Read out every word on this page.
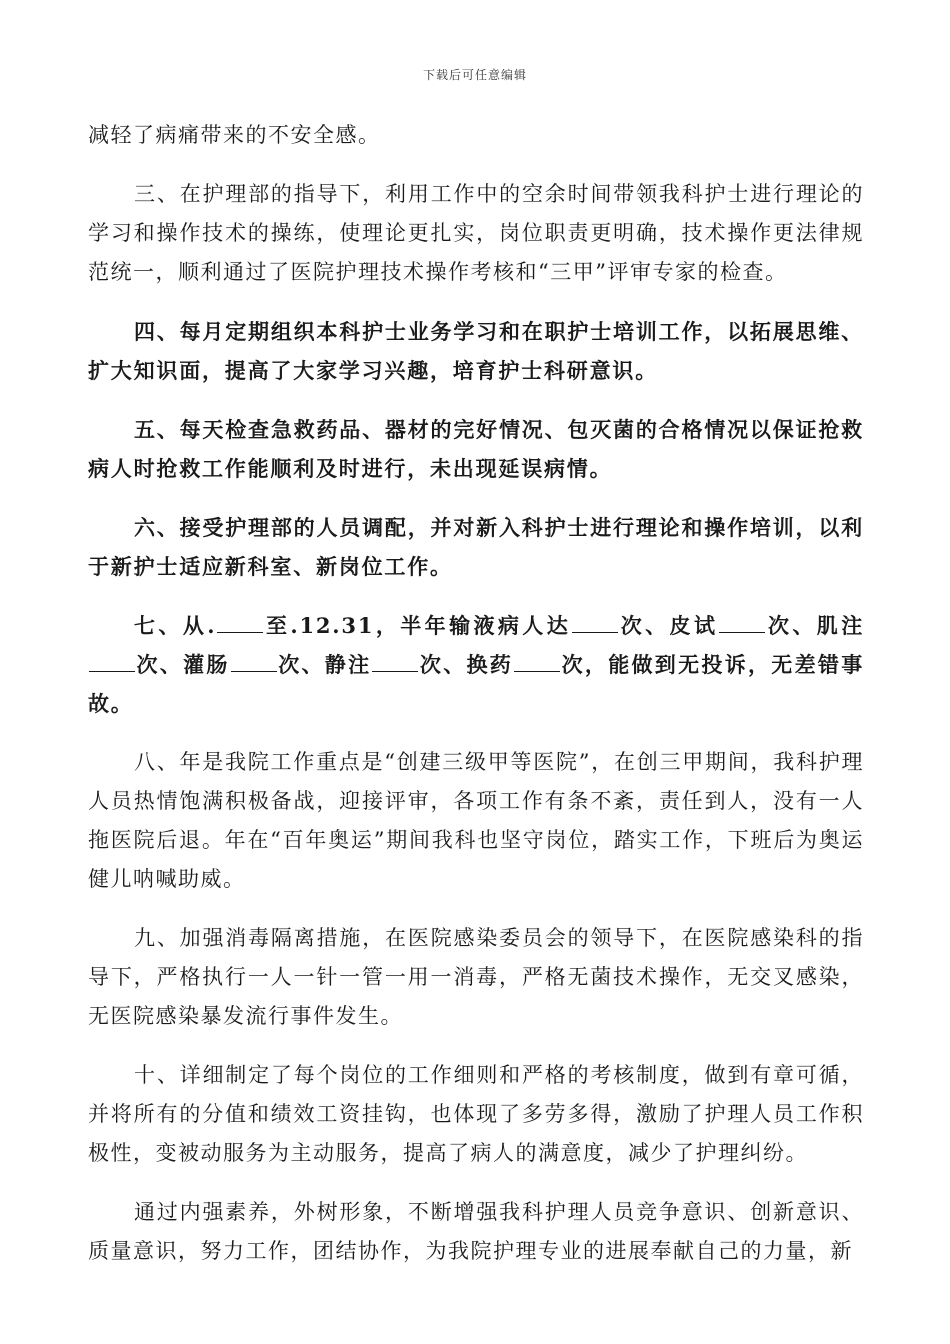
下载后可任意编辑

减轻了病痛带来的不安全感。

三、在护理部的指导下，利用工作中的空余时间带领我科护士进行理论的学习和操作技术的操练，使理论更扎实，岗位职责更明确，技术操作更法律规范统一，顺利通过了医院护理技术操作考核和“三甲”评审专家的检查。

四、每月定期组织本科护士业务学习和在职护士培训工作，以拓展思维、扩大知识面，提高了大家学习兴趣，培育护士科研意识。

五、每天检查急救药品、器材的完好情况、包灭菌的合格情况以保证抢救病人时抢救工作能顺利及时进行，未出现延误病情。

六、接受护理部的人员调配，并对新入科护士进行理论和操作培训，以利于新护士适应新科室、新岗位工作。

七、从. 至.12.31，半年输液病人达 次、皮试 次、肌注次、灌肠 次、静注 次、换药 次，能做到无投诉，无差错事故。

八、年是我院工作重点是“创建三级甲等医院”，在创三甲期间，我科护理人员热情饱满积极备战，迎接评审，各项工作有条不紊，责任到人，没有一人拖医院后退。年在“百年奥运”期间我科也坚守岗位，踏实工作，下班后为奥运健儿呐喊助威。

九、加强消毒隔离措施，在医院感染委员会的领导下，在医院感染科的指导下，严格执行一人一针一管一用一消毒，严格无菌技术操作，无交叉感染，无医院感染暴发流行事件发生。

十、详细制定了每个岗位的工作细则和严格的考核制度，做到有章可循，并将所有的分值和绩效工资挂钩，也体现了多劳多得，激励了护理人员工作积极性，变被动服务为主动服务，提高了病人的满意度，减少了护理纠纷。

通过内强素养，外树形象，不断增强我科护理人员竞争意识、创新意识、质量意识，努力工作，团结协作，为我院护理专业的进展奉献自己的力量，新
